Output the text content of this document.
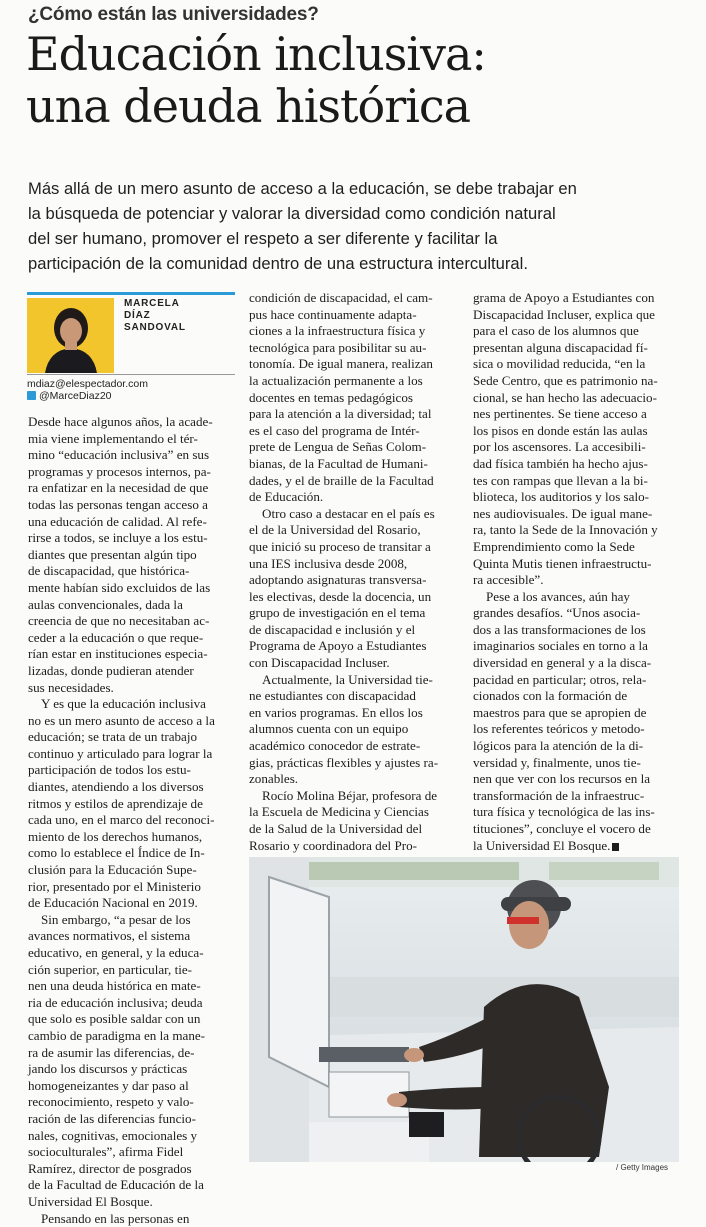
¿Cómo están las universidades?
Educación inclusiva:
una deuda histórica
Más allá de un mero asunto de acceso a la educación, se debe trabajar en
la búsqueda de potenciar y valorar la diversidad como condición natural
del ser humano, promover el respeto a ser diferente y facilitar la
participación de la comunidad dentro de una estructura intercultural.
MARCELA
DÍAZ
SANDOVAL
mdiaz@elespectador.com
@MarceDiaz20
Desde hace algunos años, la acade-
mia viene implementando el tér-
mino “educación inclusiva” en sus
programas y procesos internos, pa-
ra enfatizar en la necesidad de que
todas las personas tengan acceso a
una educación de calidad. Al refe-
rirse a todos, se incluye a los estu-
diantes que presentan algún tipo
de discapacidad, que histórica-
mente habían sido excluidos de las
aulas convencionales, dada la
creencia de que no necesitaban ac-
ceder a la educación o que reque-
rían estar en instituciones especia-
lizadas, donde pudieran atender
sus necesidades.
Y es que la educación inclusiva
no es un mero asunto de acceso a la
educación; se trata de un trabajo
continuo y articulado para lograr la
participación de todos los estu-
diantes, atendiendo a los diversos
ritmos y estilos de aprendizaje de
cada uno, en el marco del reconoci-
miento de los derechos humanos,
como lo establece el Índice de In-
clusión para la Educación Supe-
rior, presentado por el Ministerio
de Educación Nacional en 2019.
Sin embargo, “a pesar de los
avances normativos, el sistema
educativo, en general, y la educa-
ción superior, en particular, tie-
nen una deuda histórica en mate-
ria de educación inclusiva; deuda
que solo es posible saldar con un
cambio de paradigma en la mane-
ra de asumir las diferencias, de-
jando los discursos y prácticas
homogeneizantes y dar paso al
reconocimiento, respeto y valo-
ración de las diferencias funcio-
nales, cognitivas, emocionales y
socioculturales”, afirma Fidel
Ramírez, director de posgrados
de la Facultad de Educación de la
Universidad El Bosque.
Pensando en las personas en
condición de discapacidad, el cam-
pus hace continuamente adapta-
ciones a la infraestructura física y
tecnológica para posibilitar su au-
tonomía. De igual manera, realizan
la actualización permanente a los
docentes en temas pedagógicos
para la atención a la diversidad; tal
es el caso del programa de Intér-
prete de Lengua de Señas Colom-
bianas, de la Facultad de Humani-
dades, y el de braille de la Facultad
de Educación.
Otro caso a destacar en el país es
el de la Universidad del Rosario,
que inició su proceso de transitar a
una IES inclusiva desde 2008,
adoptando asignaturas transversa-
les electivas, desde la docencia, un
grupo de investigación en el tema
de discapacidad e inclusión y el
Programa de Apoyo a Estudiantes
con Discapacidad Incluser.
Actualmente, la Universidad tie-
ne estudiantes con discapacidad
en varios programas. En ellos los
alumnos cuenta con un equipo
académico conocedor de estrate-
gias, prácticas flexibles y ajustes ra-
zonables.
Rocío Molina Béjar, profesora de
la Escuela de Medicina y Ciencias
de la Salud de la Universidad del
Rosario y coordinadora del Pro-
grama de Apoyo a Estudiantes con
Discapacidad Incluser, explica que
para el caso de los alumnos que
presentan alguna discapacidad fí-
sica o movilidad reducida, “en la
Sede Centro, que es patrimonio na-
cional, se han hecho las adecuacio-
nes pertinentes. Se tiene acceso a
los pisos en donde están las aulas
por los ascensores. La accesibili-
dad física también ha hecho ajus-
tes con rampas que llevan a la bi-
blioteca, los auditorios y los salo-
nes audiovisuales. De igual mane-
ra, tanto la Sede de la Innovación y
Emprendimiento como la Sede
Quinta Mutis tienen infraestructu-
ra accesible”.
Pese a los avances, aún hay
grandes desafíos. “Unos asocia-
dos a las transformaciones de los
imaginarios sociales en torno a la
diversidad en general y a la disca-
pacidad en particular; otros, rela-
cionados con la formación de
maestros para que se apropien de
los referentes teóricos y metodo-
lógicos para la atención de la di-
versidad y, finalmente, unos tie-
nen que ver con los recursos en la
transformación de la infraestruc-
tura física y tecnológica de las ins-
tituciones”, concluye el vocero de
la Universidad El Bosque.
/ Getty Images
